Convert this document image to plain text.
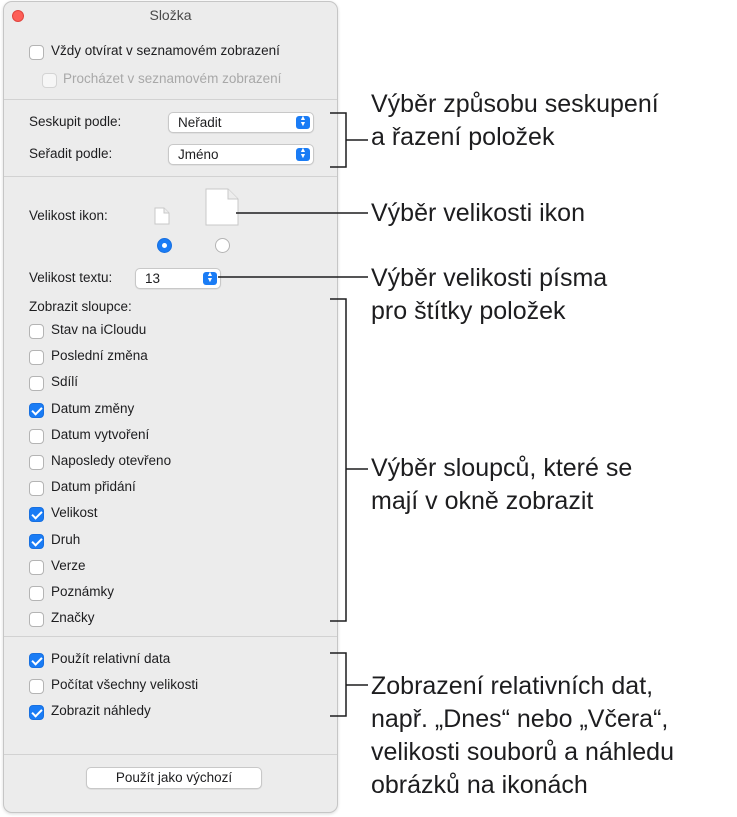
Složka
Vždy otvírat v seznamovém zobrazení
Procházet v seznamovém zobrazení
Seskupit podle:	Neřadit	▲
▼
Seřadit podle:	Jméno	▲
▼
Velikost ikon:
Velikost textu:	13	▲
▼
Zobrazit sloupce:
Stav na iCloudu
Poslední změna
Sdílí
Datum změny
Datum vytvoření
Naposledy otevřeno
Datum přidání
Velikost
Druh
Verze
Poznámky
Značky
Použít relativní data
Počítat všechny velikosti
Zobrazit náhledy
Použít jako výchozí
Výběr způsobu seskupení
a řazení položek
Výběr velikosti ikon
Výběr velikosti písma
pro štítky položek
Výběr sloupců, které se
mají v okně zobrazit
Zobrazení relativních dat,
např. „Dnes“ nebo „Včera“,
velikosti souborů a náhledu
obrázků na ikonách
